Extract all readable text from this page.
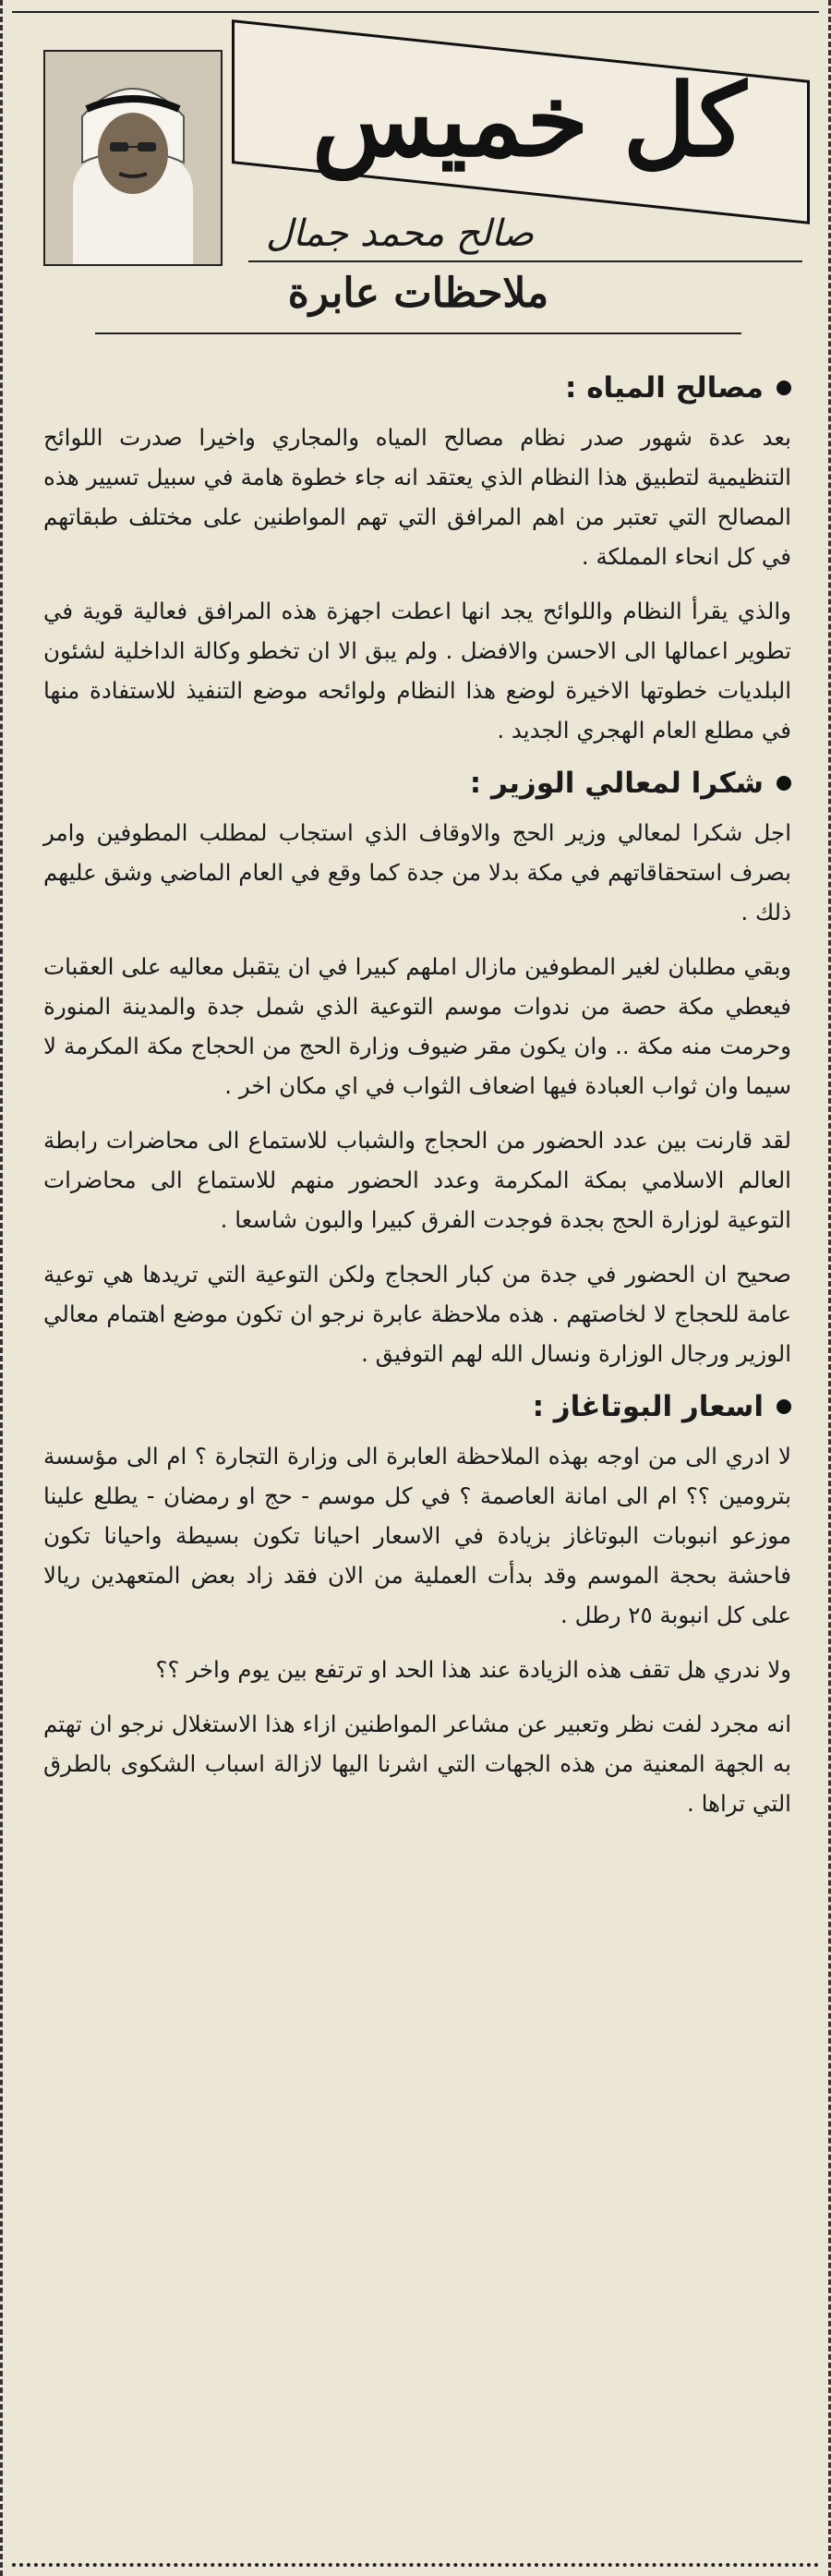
كل خميس
صالح محمد جمال
ملاحظات عابرة
مصالح المياه :

بعد عدة شهور صدر نظام مصالح المياه والمجاري واخيرا صدرت اللوائح التنظيمية لتطبيق هذا النظام الذي يعتقد انه جاء خطوة هامة في سبيل تسيير هذه المصالح التي تعتبر من اهم المرافق التي تهم المواطنين على مختلف طبقاتهم في كل انحاء المملكة .

والذي يقرأ النظام واللوائح يجد انها اعطت اجهزة هذه المرافق فعالية قوية في تطوير اعمالها الى الاحسن والافضل . ولم يبق الا ان تخطو وكالة الداخلية لشئون البلديات خطوتها الاخيرة لوضع هذا النظام ولوائحه موضع التنفيذ للاستفادة منها في مطلع العام الهجري الجديد .

شكرا لمعالي الوزير :

اجل شكرا لمعالي وزير الحج والاوقاف الذي استجاب لمطلب المطوفين وامر بصرف استحقاقاتهم في مكة بدلا من جدة كما وقع في العام الماضي وشق عليهم ذلك .

وبقي مطلبان لغير المطوفين مازال املهم كبيرا في ان يتقبل معاليه على العقبات فيعطي مكة حصة من ندوات موسم التوعية الذي شمل جدة والمدينة المنورة وحرمت منه مكة .. وان يكون مقر ضيوف وزارة الحج من الحجاج مكة المكرمة لا سيما وان ثواب العبادة فيها اضعاف الثواب في اي مكان اخر .

لقد قارنت بين عدد الحضور من الحجاج والشباب للاستماع الى محاضرات رابطة العالم الاسلامي بمكة المكرمة وعدد الحضور منهم للاستماع الى محاضرات التوعية لوزارة الحج بجدة فوجدت الفرق كبيرا والبون شاسعا .

صحيح ان الحضور في جدة من كبار الحجاج ولكن التوعية التي تريدها هي توعية عامة للحجاج لا لخاصتهم . هذه ملاحظة عابرة نرجو ان تكون موضع اهتمام معالي الوزير ورجال الوزارة ونسال الله لهم التوفيق .

اسعار البوتاغاز :

لا ادري الى من اوجه بهذه الملاحظة العابرة الى وزارة التجارة ؟ ام الى مؤسسة بترومين ؟؟ ام الى امانة العاصمة ؟ في كل موسم - حج او رمضان - يطلع علينا موزعو انبوبات البوتاغاز بزيادة في الاسعار احيانا تكون بسيطة واحيانا تكون فاحشة بحجة الموسم وقد بدأت العملية من الان فقد زاد بعض المتعهدين ريالا على كل انبوبة ٢٥ رطل .

ولا ندري هل تقف هذه الزيادة عند هذا الحد او ترتفع بين يوم واخر ؟؟

انه مجرد لفت نظر وتعبير عن مشاعر المواطنين ازاء هذا الاستغلال نرجو ان تهتم به الجهة المعنية من هذه الجهات التي اشرنا اليها لازالة اسباب الشكوى بالطرق التي تراها .
